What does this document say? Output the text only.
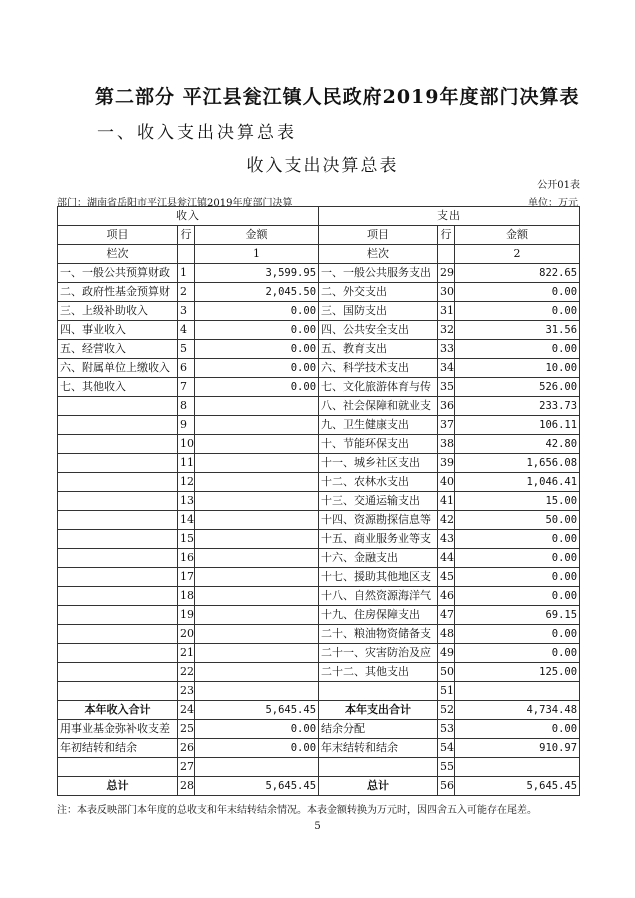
第二部分 平江县瓮江镇人民政府2019年度部门决算表
一、收入支出决算总表
收入支出决算总表
公开01表
部门：湖南省岳阳市平江县瓮江镇2019年度部门决算	单位：万元
收入			支出		
项目	行	金额	项目	行	金额
栏次		1	栏次		2
一、一般公共预算财政	1	3,599.95	一、一般公共服务支出	29	822.65
二、政府性基金预算财	2	2,045.50	二、外交支出	30	0.00
三、上级补助收入	3	0.00	三、国防支出	31	0.00
四、事业收入	4	0.00	四、公共安全支出	32	31.56
五、经营收入	5	0.00	五、教育支出	33	0.00
六、附属单位上缴收入	6	0.00	六、科学技术支出	34	10.00
七、其他收入	7	0.00	七、文化旅游体育与传	35	526.00
	8		八、社会保障和就业支	36	233.73
	9		九、卫生健康支出	37	106.11
	10		十、节能环保支出	38	42.80
	11		十一、城乡社区支出	39	1,656.08
	12		十二、农林水支出	40	1,046.41
	13		十三、交通运输支出	41	15.00
	14		十四、资源勘探信息等	42	50.00
	15		十五、商业服务业等支	43	0.00
	16		十六、金融支出	44	0.00
	17		十七、援助其他地区支	45	0.00
	18		十八、自然资源海洋气	46	0.00
	19		十九、住房保障支出	47	69.15
	20		二十、粮油物资储备支	48	0.00
	21		二十一、灾害防治及应	49	0.00
	22		二十二、其他支出	50	125.00
	23			51	
本年收入合计	24	5,645.45	本年支出合计	52	4,734.48
用事业基金弥补收支差	25	0.00	结余分配	53	0.00
年初结转和结余	26	0.00	年末结转和结余	54	910.97
	27			55	
总计	28	5,645.45	总计	56	5,645.45
注：本表反映部门本年度的总收支和年末结转结余情况。本表金额转换为万元时，因四舍五入可能存在尾差。
5
